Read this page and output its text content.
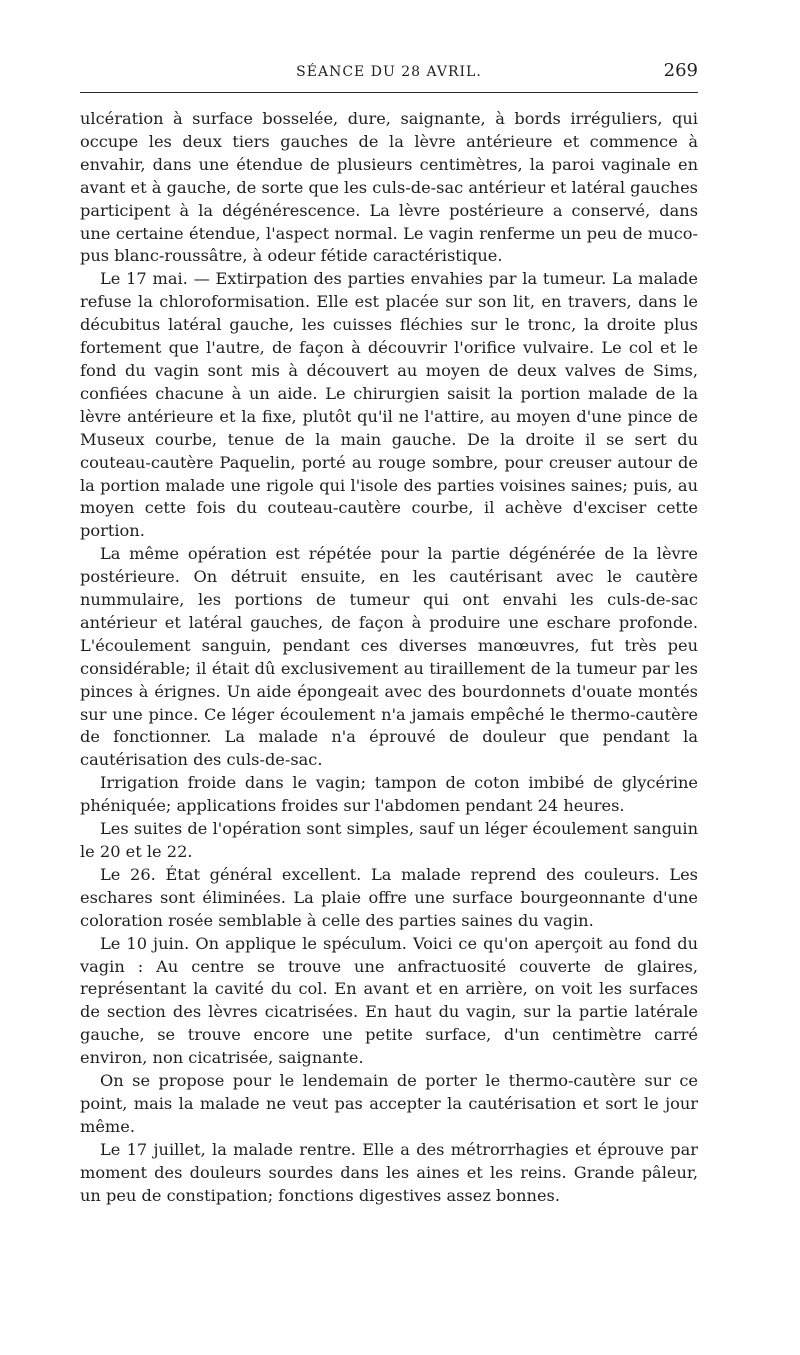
SÉANCE DU 28 AVRIL.	269

ulcération à surface bosselée, dure, saignante, à bords irréguliers, qui occupe les deux tiers gauches de la lèvre antérieure et commence à envahir, dans une étendue de plusieurs centimètres, la paroi vaginale en avant et à gauche, de sorte que les culs-de-sac antérieur et latéral gauches participent à la dégénérescence. La lèvre postérieure a conservé, dans une certaine étendue, l'aspect normal. Le vagin renferme un peu de muco-pus blanc-roussâtre, à odeur fétide caractéristique.

Le 17 mai. — Extirpation des parties envahies par la tumeur. La malade refuse la chloroformisation. Elle est placée sur son lit, en travers, dans le décubitus latéral gauche, les cuisses fléchies sur le tronc, la droite plus fortement que l'autre, de façon à découvrir l'orifice vulvaire. Le col et le fond du vagin sont mis à découvert au moyen de deux valves de Sims, confiées chacune à un aide. Le chirurgien saisit la portion malade de la lèvre antérieure et la fixe, plutôt qu'il ne l'attire, au moyen d'une pince de Museux courbe, tenue de la main gauche. De la droite il se sert du couteau-cautère Paquelin, porté au rouge sombre, pour creuser autour de la portion malade une rigole qui l'isole des parties voisines saines; puis, au moyen cette fois du couteau-cautère courbe, il achève d'exciser cette portion.

La même opération est répétée pour la partie dégénérée de la lèvre postérieure. On détruit ensuite, en les cautérisant avec le cautère nummulaire, les portions de tumeur qui ont envahi les culs-de-sac antérieur et latéral gauches, de façon à produire une eschare profonde. L'écoulement sanguin, pendant ces diverses manœuvres, fut très peu considérable; il était dû exclusivement au tiraillement de la tumeur par les pinces à érignes. Un aide épongeait avec des bourdonnets d'ouate montés sur une pince. Ce léger écoulement n'a jamais empêché le thermo-cautère de fonctionner. La malade n'a éprouvé de douleur que pendant la cautérisation des culs-de-sac.

Irrigation froide dans le vagin; tampon de coton imbibé de glycérine phéniquée; applications froides sur l'abdomen pendant 24 heures.

Les suites de l'opération sont simples, sauf un léger écoulement sanguin le 20 et le 22.

Le 26. État général excellent. La malade reprend des couleurs. Les eschares sont éliminées. La plaie offre une surface bourgeonnante d'une coloration rosée semblable à celle des parties saines du vagin.

Le 10 juin. On applique le spéculum. Voici ce qu'on aperçoit au fond du vagin : Au centre se trouve une anfractuosité couverte de glaires, représentant la cavité du col. En avant et en arrière, on voit les surfaces de section des lèvres cicatrisées. En haut du vagin, sur la partie latérale gauche, se trouve encore une petite surface, d'un centimètre carré environ, non cicatrisée, saignante.

On se propose pour le lendemain de porter le thermo-cautère sur ce point, mais la malade ne veut pas accepter la cautérisation et sort le jour même.

Le 17 juillet, la malade rentre. Elle a des métrorrhagies et éprouve par moment des douleurs sourdes dans les aines et les reins. Grande pâleur, un peu de constipation; fonctions digestives assez bonnes.
